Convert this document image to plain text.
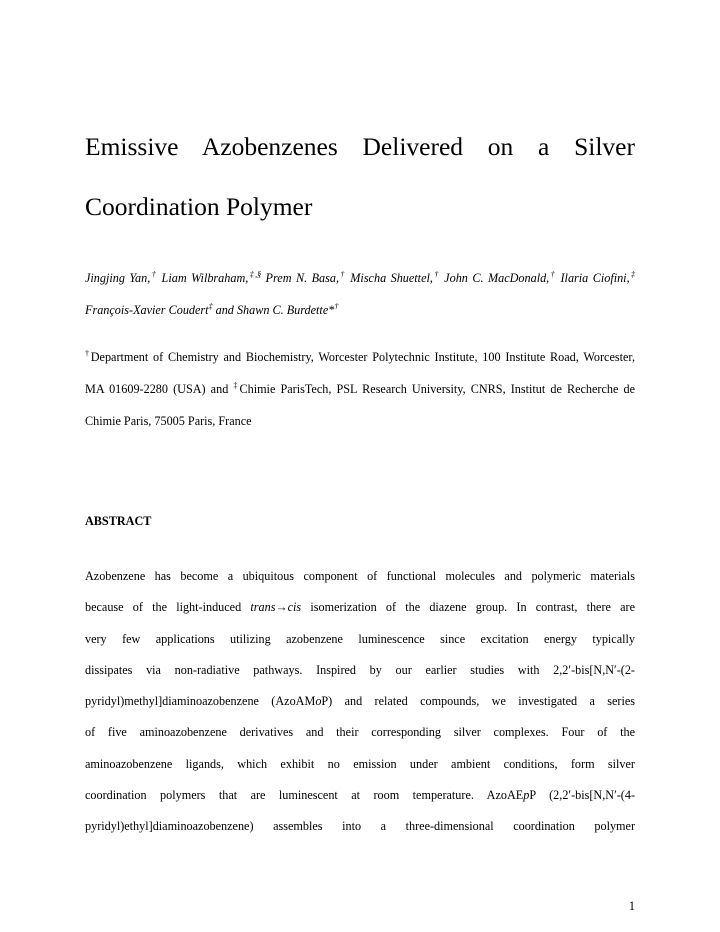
Emissive Azobenzenes Delivered on a Silver
Coordination Polymer
Jingjing Yan,† Liam Wilbraham,‡,§ Prem N. Basa,† Mischa Shuettel,† John C. MacDonald,† Ilaria Ciofini,‡ François-Xavier Coudert‡ and Shawn C. Burdette*†
†Department of Chemistry and Biochemistry, Worcester Polytechnic Institute, 100 Institute Road, Worcester, MA 01609-2280 (USA) and ‡Chimie ParisTech, PSL Research University, CNRS, Institut de Recherche de Chimie Paris, 75005 Paris, France
ABSTRACT
Azobenzene has become a ubiquitous component of functional molecules and polymeric materials
because of the light-induced trans→cis isomerization of the diazene group. In contrast, there are
very few applications utilizing azobenzene luminescence since excitation energy typically
dissipates via non-radiative pathways. Inspired by our earlier studies with 2,2′-bis[N,N′-(2-
pyridyl)methyl]diaminoazobenzene (AzoAMoP) and related compounds, we investigated a series
of five aminoazobenzene derivatives and their corresponding silver complexes. Four of the
aminoazobenzene ligands, which exhibit no emission under ambient conditions, form silver
coordination polymers that are luminescent at room temperature. AzoAEpP (2,2′-bis[N,N′-(4-
pyridyl)ethyl]diaminoazobenzene) assembles into a three-dimensional coordination polymer
1
